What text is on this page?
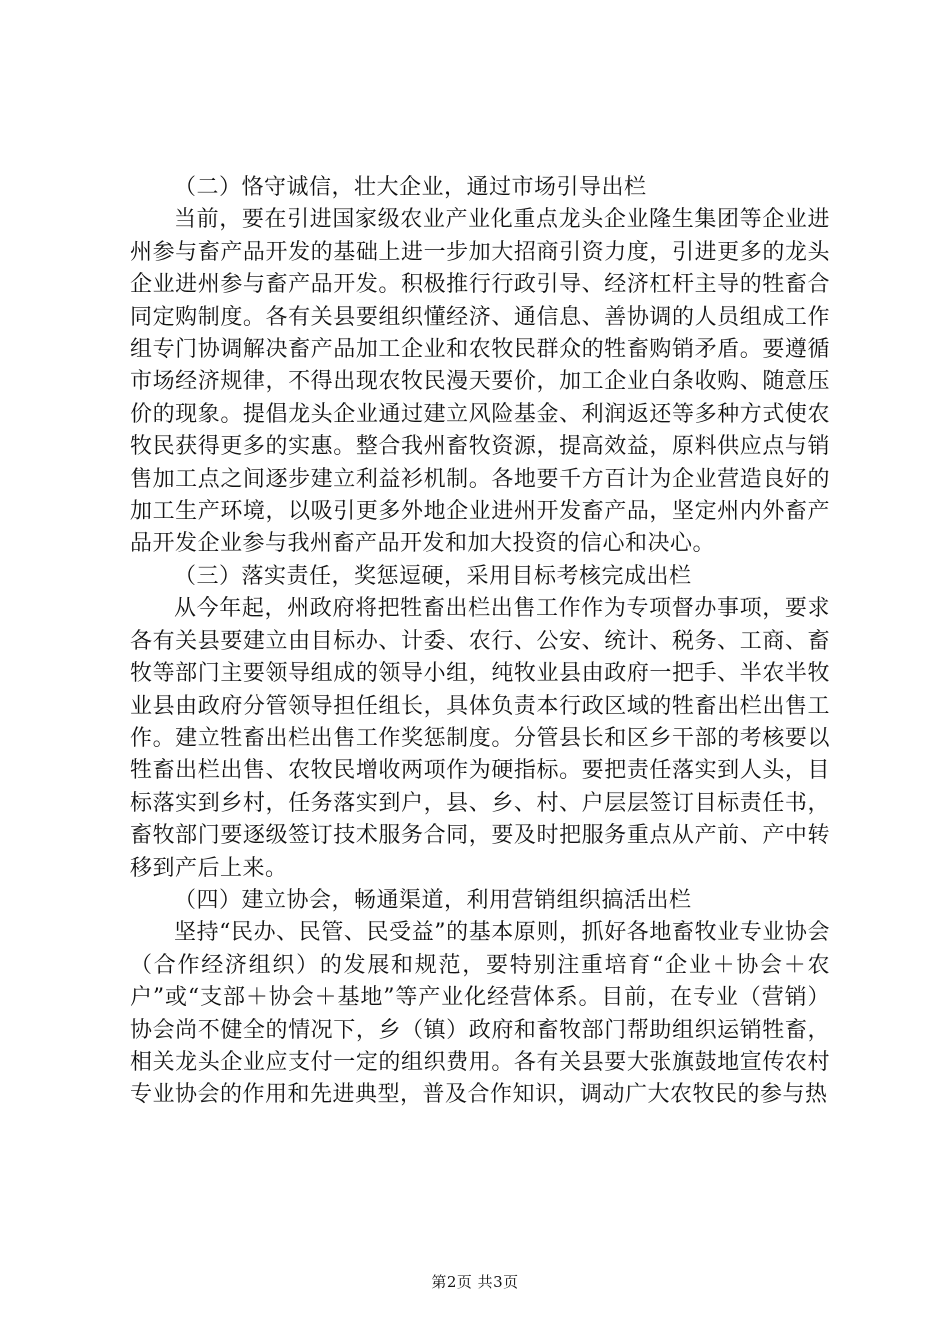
（二）恪守诚信，壮大企业，通过市场引导出栏

当前，要在引进国家级农业产业化重点龙头企业隆生集团等企业进州参与畜产品开发的基础上进一步加大招商引资力度，引进更多的龙头企业进州参与畜产品开发。积极推行行政引导、经济杠杆主导的牲畜合同定购制度。各有关县要组织懂经济、通信息、善协调的人员组成工作组专门协调解决畜产品加工企业和农牧民群众的牲畜购销矛盾。要遵循市场经济规律，不得出现农牧民漫天要价，加工企业白条收购、随意压价的现象。提倡龙头企业通过建立风险基金、利润返还等多种方式使农牧民获得更多的实惠。整合我州畜牧资源，提高效益，原料供应点与销售加工点之间逐步建立利益衫机制。各地要千方百计为企业营造良好的加工生产环境，以吸引更多外地企业进州开发畜产品，坚定州内外畜产品开发企业参与我州畜产品开发和加大投资的信心和决心。

（三）落实责任，奖惩逗硬，采用目标考核完成出栏

从今年起，州政府将把牲畜出栏出售工作作为专项督办事项，要求各有关县要建立由目标办、计委、农行、公安、统计、税务、工商、畜牧等部门主要领导组成的领导小组，纯牧业县由政府一把手、半农半牧业县由政府分管领导担任组长，具体负责本行政区域的牲畜出栏出售工作。建立牲畜出栏出售工作奖惩制度。分管县长和区乡干部的考核要以牲畜出栏出售、农牧民增收两项作为硬指标。要把责任落实到人头，目标落实到乡村，任务落实到户，县、乡、村、户层层签订目标责任书，畜牧部门要逐级签订技术服务合同，要及时把服务重点从产前、产中转移到产后上来。

（四）建立协会，畅通渠道，利用营销组织搞活出栏

坚持“民办、民管、民受益”的基本原则，抓好各地畜牧业专业协会（合作经济组织）的发展和规范，要特别注重培育“企业＋协会＋农户”或“支部＋协会＋基地”等产业化经营体系。目前，在专业（营销）协会尚不健全的情况下，乡（镇）政府和畜牧部门帮助组织运销牲畜，相关龙头企业应支付一定的组织费用。各有关县要大张旗鼓地宣传农村专业协会的作用和先进典型，普及合作知识，调动广大农牧民的参与热

第2页 共3页
